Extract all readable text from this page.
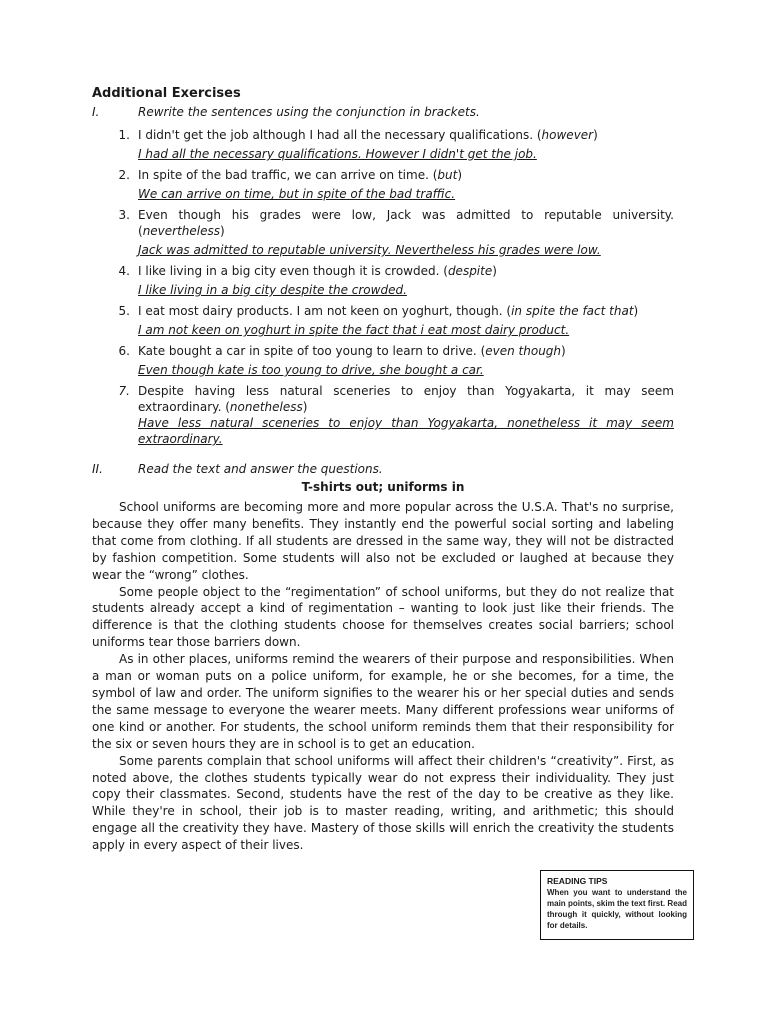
Additional Exercises
I.	Rewrite the sentences using the conjunction in brackets.
1. I didn't get the job although I had all the necessary qualifications. (however)
I had all the necessary qualifications. However I didn't get the job.
2. In spite of the bad traffic, we can arrive on time. (but)
We can arrive on time, but in spite of the bad traffic.
3. Even though his grades were low, Jack was admitted to reputable university. (nevertheless)
Jack was admitted to reputable university. Nevertheless his grades were low.
4. I like living in a big city even though it is crowded. (despite)
I like living in a big city despite the crowded.
5. I eat most dairy products. I am not keen on yoghurt, though. (in spite the fact that)
I am not keen on yoghurt in spite the fact that i eat most dairy product.
6. Kate bought a car in spite of too young to learn to drive. (even though)
Even though kate is too young to drive, she bought a car.
7. Despite having less natural sceneries to enjoy than Yogyakarta, it may seem extraordinary. (nonetheless)
Have less natural sceneries to enjoy than Yogyakarta, nonetheless it may seem extraordinary.
II.	Read the text and answer the questions.
T-shirts out; uniforms in

School uniforms are becoming more and more popular across the U.S.A. That's no surprise, because they offer many benefits. They instantly end the powerful social sorting and labeling that come from clothing. If all students are dressed in the same way, they will not be distracted by fashion competition. Some students will also not be excluded or laughed at because they wear the “wrong” clothes.

Some people object to the “regimentation” of school uniforms, but they do not realize that students already accept a kind of regimentation – wanting to look just like their friends. The difference is that the clothing students choose for themselves creates social barriers; school uniforms tear those barriers down.

As in other places, uniforms remind the wearers of their purpose and responsibilities. When a man or woman puts on a police uniform, for example, he or she becomes, for a time, the symbol of law and order. The uniform signifies to the wearer his or her special duties and sends the same message to everyone the wearer meets. Many different professions wear uniforms of one kind or another. For students, the school uniform reminds them that their responsibility for the six or seven hours they are in school is to get an education.

Some parents complain that school uniforms will affect their children's “creativity”. First, as noted above, the clothes students typically wear do not express their individuality. They just copy their classmates. Second, students have the rest of the day to be creative as they like. While they're in school, their job is to master reading, writing, and arithmetic; this should engage all the creativity they have. Mastery of those skills will enrich the creativity the students apply in every aspect of their lives.

READING TIPS
When you want to understand the main points, skim the text first. Read through it quickly, without looking for details.
